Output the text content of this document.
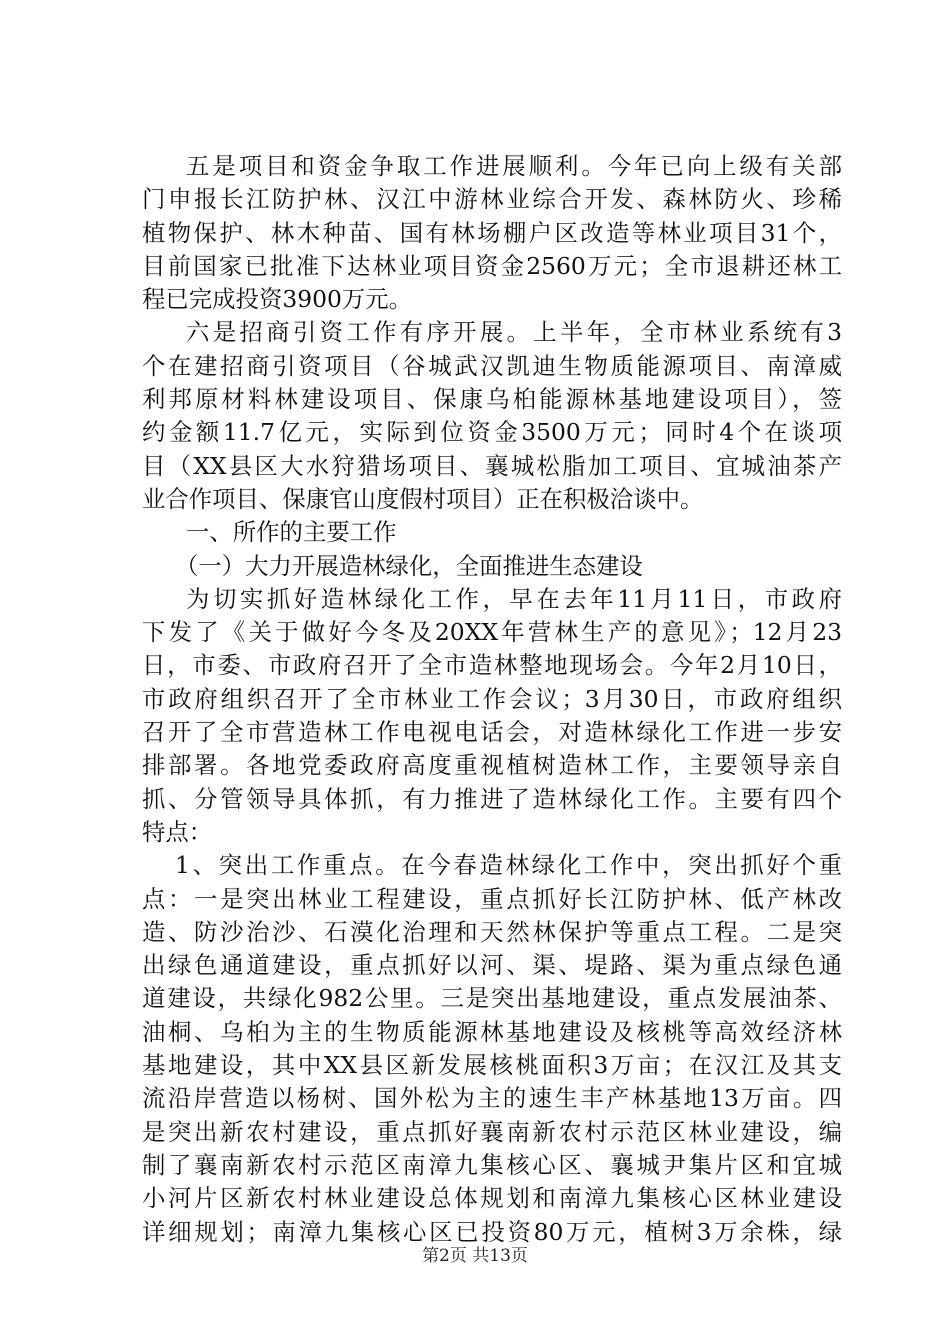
五是项目和资金争取工作进展顺利。今年已向上级有关部
门申报长江防护林、汉江中游林业综合开发、森林防火、珍稀
植物保护、林木种苗、国有林场棚户区改造等林业项目31个，
目前国家已批准下达林业项目资金2560万元；全市退耕还林工
程已完成投资3900万元。
六是招商引资工作有序开展。上半年，全市林业系统有3
个在建招商引资项目（谷城武汉凯迪生物质能源项目、南漳威
利邦原材料林建设项目、保康乌桕能源林基地建设项目），签
约金额11.7亿元，实际到位资金3500万元；同时4个在谈项
目（XX县区大水狩猎场项目、襄城松脂加工项目、宜城油茶产
业合作项目、保康官山度假村项目）正在积极洽谈中。
一、所作的主要工作
（一）大力开展造林绿化，全面推进生态建设
为切实抓好造林绿化工作，早在去年11月11日，市政府
下发了《关于做好今冬及20XX年营林生产的意见》；12月23
日，市委、市政府召开了全市造林整地现场会。今年2月10日，
市政府组织召开了全市林业工作会议；3月30日，市政府组织
召开了全市营造林工作电视电话会，对造林绿化工作进一步安
排部署。各地党委政府高度重视植树造林工作，主要领导亲自
抓、分管领导具体抓，有力推进了造林绿化工作。主要有四个
特点：
1、突出工作重点。在今春造林绿化工作中，突出抓好个重
点：一是突出林业工程建设，重点抓好长江防护林、低产林改
造、防沙治沙、石漠化治理和天然林保护等重点工程。二是突
出绿色通道建设，重点抓好以河、渠、堤路、渠为重点绿色通
道建设，共绿化982公里。三是突出基地建设，重点发展油茶、
油桐、乌桕为主的生物质能源林基地建设及核桃等高效经济林
基地建设，其中XX县区新发展核桃面积3万亩；在汉江及其支
流沿岸营造以杨树、国外松为主的速生丰产林基地13万亩。四
是突出新农村建设，重点抓好襄南新农村示范区林业建设，编
制了襄南新农村示范区南漳九集核心区、襄城尹集片区和宜城
小河片区新农村林业建设总体规划和南漳九集核心区林业建设
详细规划；南漳九集核心区已投资80万元，植树3万余株，绿
第2页 共13页
